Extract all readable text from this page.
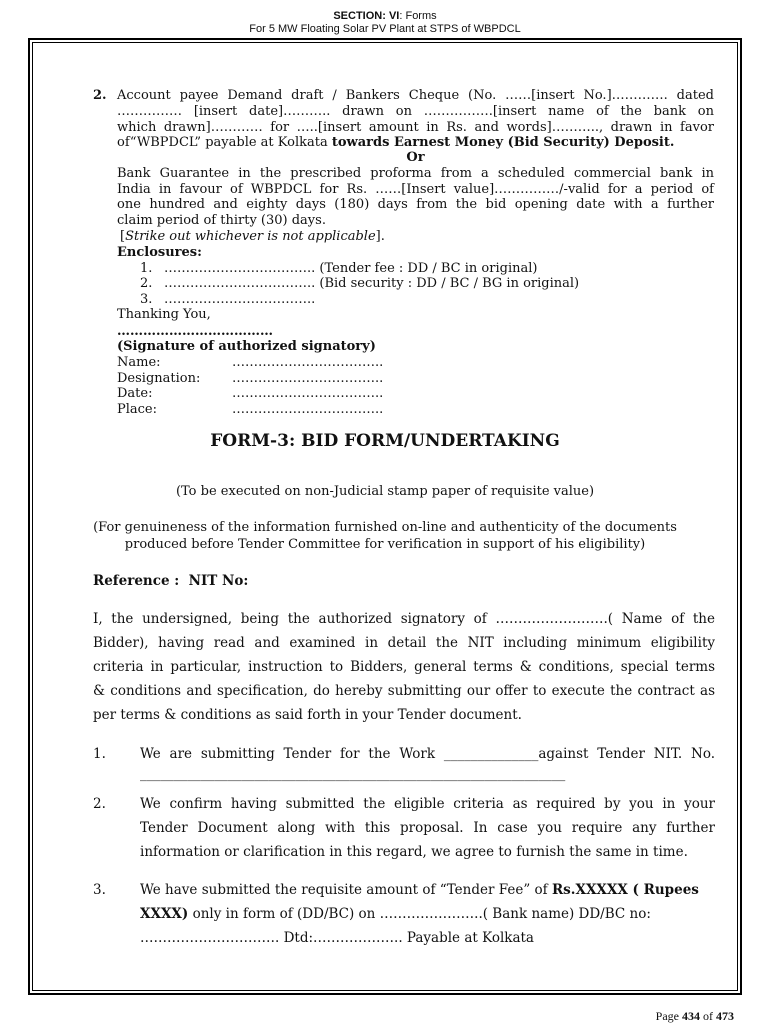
SECTION: VI: Forms
For 5 MW Floating Solar PV Plant at STPS of WBPDCL
2. Account payee Demand draft / Bankers Cheque (No. ……[insert No.]…………. dated
…………… [insert date]……….. drawn on …………….[insert name of the bank on
which drawn]………… for …..[insert amount in Rs. and words]……….., drawn in favor
of“WBPDCL” payable at Kolkata towards Earnest Money (Bid Security) Deposit.
Or
Bank Guarantee in the prescribed proforma from a scheduled commercial bank in
India in favour of WBPDCL for Rs. ……[Insert value]……………/-valid for a period of
one hundred and eighty days (180) days from the bid opening date with a further
claim period of thirty (30) days.
[Strike out whichever is not applicable].
Enclosures:
1. …………………………….. (Tender fee : DD / BC in original)
2. …………………………….. (Bid security : DD / BC / BG in original)
3. ……………………………..
Thanking You,
………………………………
(Signature of authorized signatory)
Name:	……………………………..
Designation: ……………………………..
Date:	……………………………..
Place:	……………………………..
FORM-3: BID FORM/UNDERTAKING
(To be executed on non-Judicial stamp paper of requisite value)
(For genuineness of the information furnished on-line and authenticity of the documents
produced before Tender Committee for verification in support of his eligibility)
Reference :  NIT No:
I, the undersigned, being the authorized signatory of …………………….( Name of the
Bidder), having read and examined in detail the NIT including minimum eligibility
criteria in particular, instruction to Bidders, general terms & conditions, special terms
& conditions and specification, do hereby submitting our offer to execute the contract as
per terms & conditions as said forth in your Tender document.
1.	We are submitting Tender for the Work ______________against Tender NIT. No.
_______________________________________________________________
2.	We confirm having submitted the eligible criteria as required by you in your
Tender Document along with this proposal. In case you require any further
information or clarification in this regard, we agree to furnish the same in time.
3.	We have submitted the requisite amount of “Tender Fee” of Rs.XXXXX ( Rupees
XXXX) only in form of (DD/BC) on …………………..( Bank name) DD/BC no:
…………………………. Dtd:……………….. Payable at Kolkata
Page 434 of 473
